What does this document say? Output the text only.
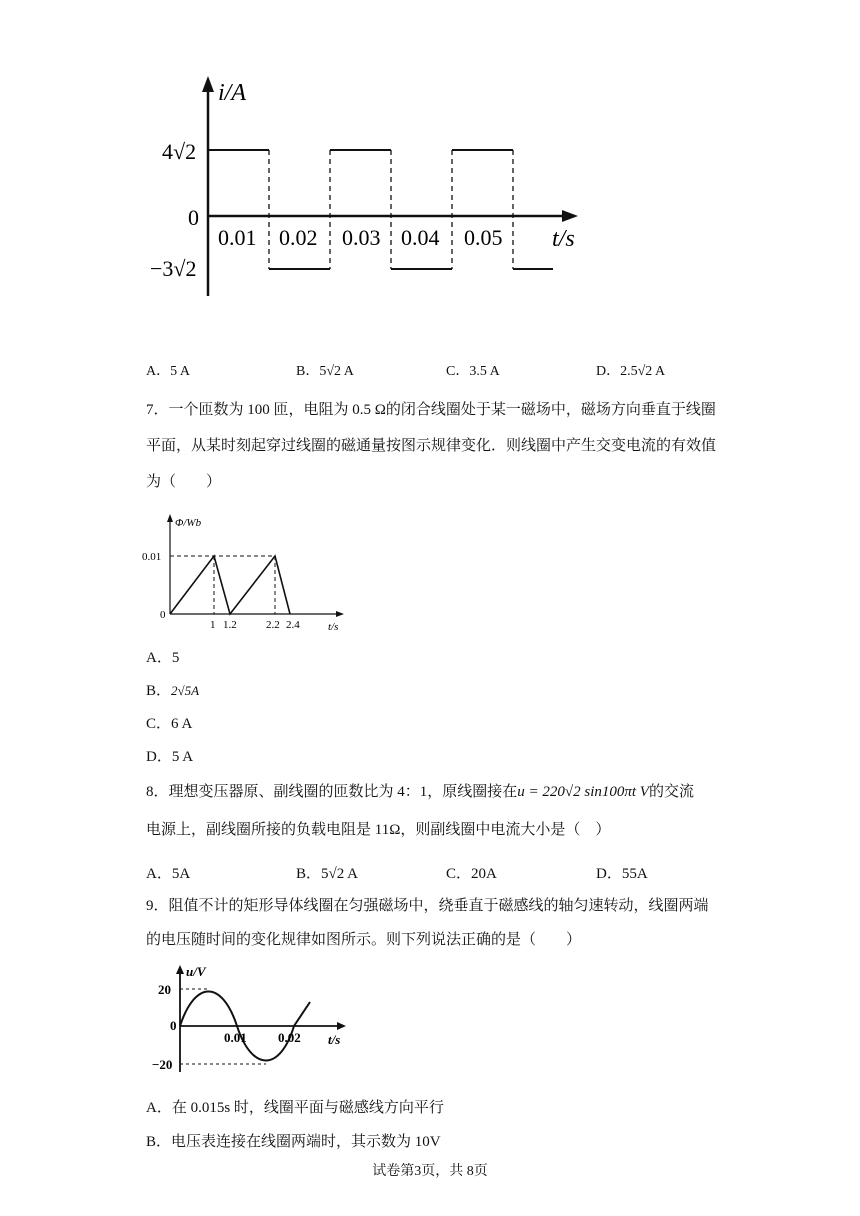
i/A
4√2
0
−3√2
0.01 0.02 0.03 0.04 0.05 t/s
A．5 A	B．5√2 A	C．3.5 A	D．2.5√2 A
7．一个匝数为 100 匝，电阻为 0.5 Ω的闭合线圈处于某一磁场中，磁场方向垂直于线圈
平面，从某时刻起穿过线圈的磁通量按图示规律变化．则线圈中产生交变电流的有效值
为（　　）
Φ/Wb
0.01
0
1 1.2	2.2 2.4	t/s
A．5
B．2√5A
C．6 A
D．5 A
8．理想变压器原、副线圈的匝数比为 4：1，原线圈接在u = 220√2 sin100πt V的交流
电源上，副线圈所接的负载电阻是 11Ω，则副线圈中电流大小是（　）
A．5A	B．5√2 A	C．20A	D．55A
9．阻值不计的矩形导体线圈在匀强磁场中，绕垂直于磁感线的轴匀速转动，线圈两端
的电压随时间的变化规律如图所示。则下列说法正确的是（　　）
u/V
20
0
−20
0.01 0.02 t/s
A．在 0.015s 时，线圈平面与磁感线方向平行
B．电压表连接在线圈两端时，其示数为 10V
试卷第3页，共 8页
